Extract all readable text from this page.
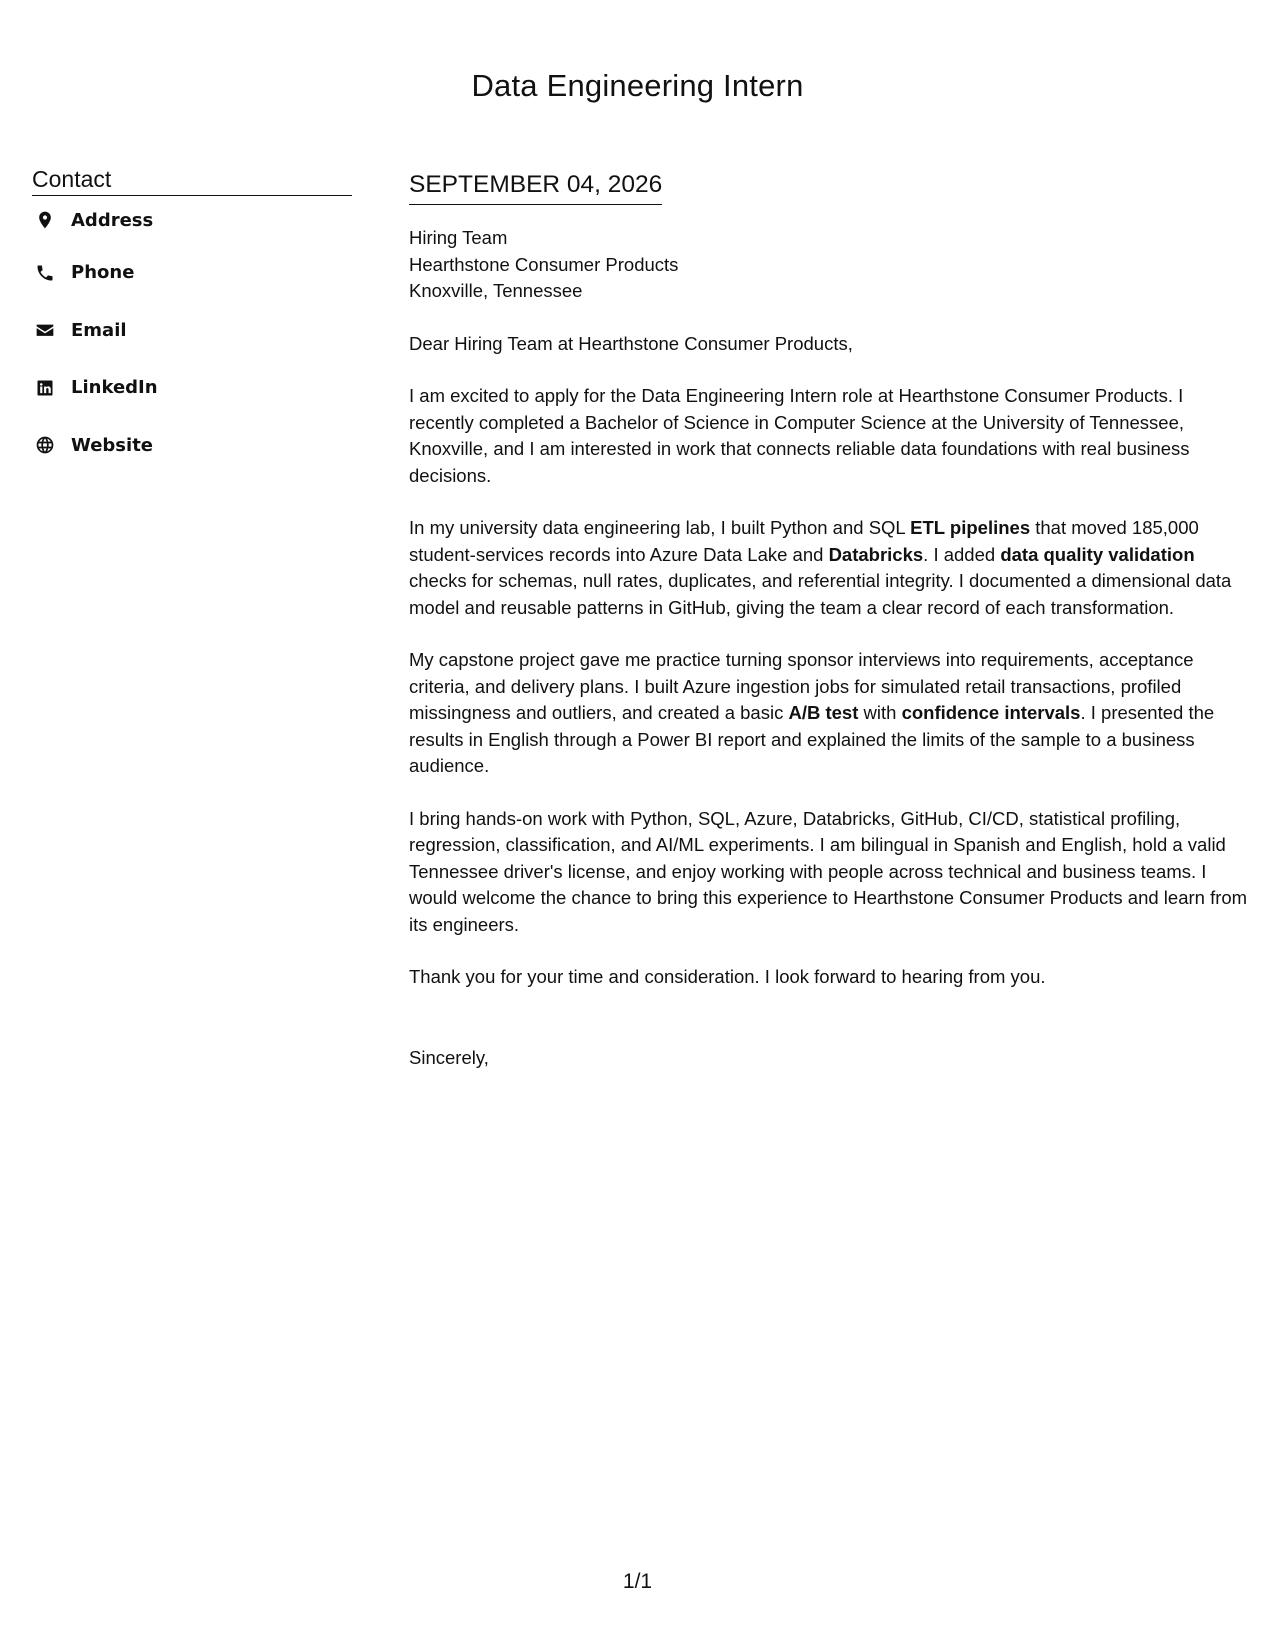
Data Engineering Intern
Contact
Address
Phone
Email
LinkedIn
Website
SEPTEMBER 04, 2026

Hiring Team

Hearthstone Consumer Products

Knoxville, Tennessee

Dear Hiring Team at Hearthstone Consumer Products,

I am excited to apply for the Data Engineering Intern role at Hearthstone Consumer Products. I recently completed a Bachelor of Science in Computer Science at the University of Tennessee, Knoxville, and I am interested in work that connects reliable data foundations with real business decisions.

In my university data engineering lab, I built Python and SQL ETL pipelines that moved 185,000 student-services records into Azure Data Lake and Databricks. I added data quality validation checks for schemas, null rates, duplicates, and referential integrity. I documented a dimensional data model and reusable patterns in GitHub, giving the team a clear record of each transformation.

My capstone project gave me practice turning sponsor interviews into requirements, acceptance criteria, and delivery plans. I built Azure ingestion jobs for simulated retail transactions, profiled missingness and outliers, and created a basic A/B test with confidence intervals. I presented the results in English through a Power BI report and explained the limits of the sample to a business audience.

I bring hands-on work with Python, SQL, Azure, Databricks, GitHub, CI/CD, statistical profiling, regression, classification, and AI/ML experiments. I am bilingual in Spanish and English, hold a valid Tennessee driver's license, and enjoy working with people across technical and business teams. I would welcome the chance to bring this experience to Hearthstone Consumer Products and learn from its engineers.

Thank you for your time and consideration. I look forward to hearing from you.

Sincerely,

1/1
